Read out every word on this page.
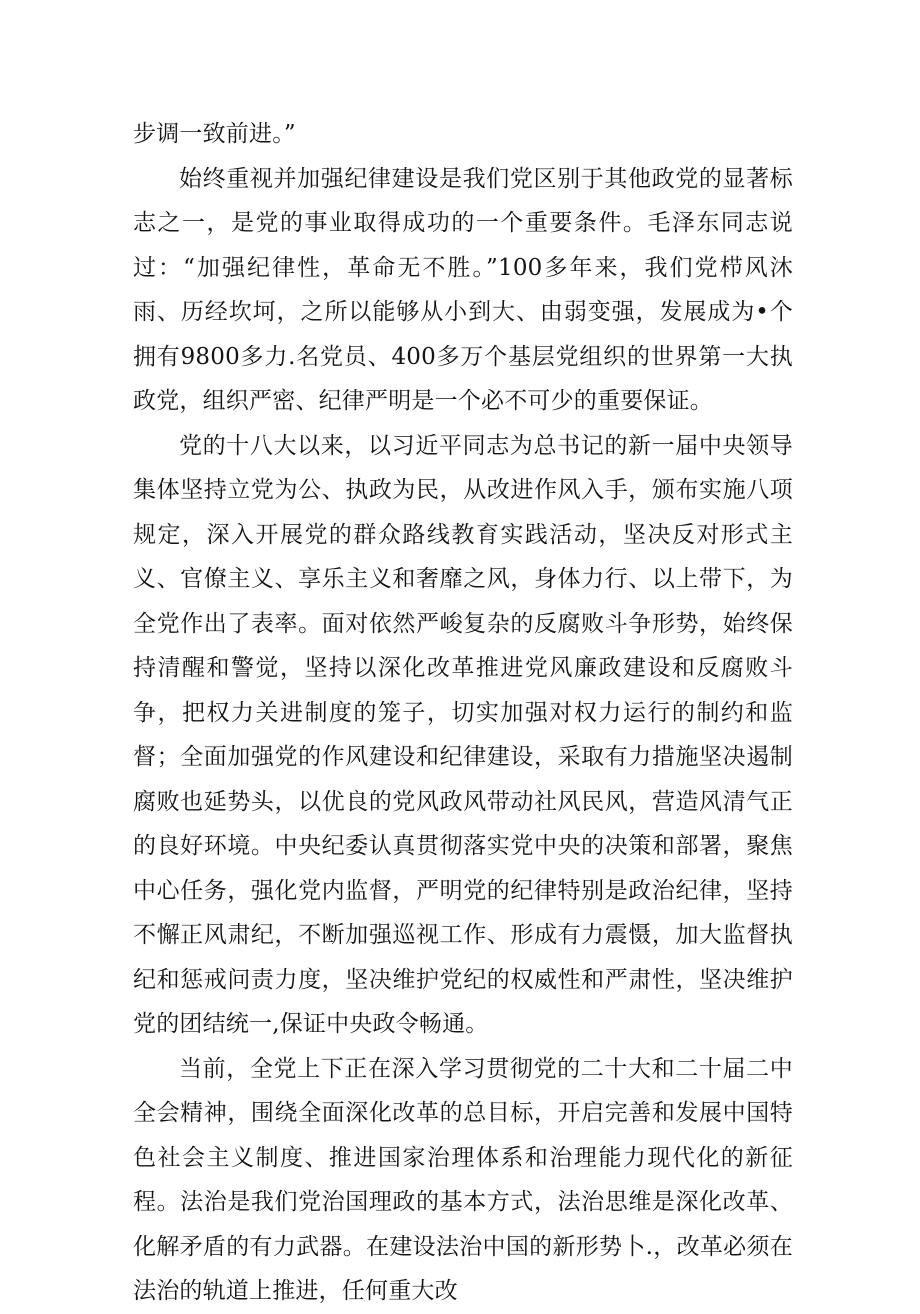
步调一致前进。”

始终重视并加强纪律建设是我们党区别于其他政党的显著标志之一，是党的事业取得成功的一个重要条件。毛泽东同志说过：“加强纪律性，革命无不胜。”100多年来，我们党栉风沐雨、历经坎坷，之所以能够从小到大、由弱变强，发展成为•个拥有9800多力.名党员、400多万个基层党组织的世界第一大执政党，组织严密、纪律严明是一个必不可少的重要保证。

党的十八大以来，以习近平同志为总书记的新一届中央领导集体坚持立党为公、执政为民，从改进作风入手，颁布实施八项规定，深入开展党的群众路线教育实践活动，坚决反对形式主义、官僚主义、享乐主义和奢靡之风，身体力行、以上带下，为全党作出了表率。面对依然严峻复杂的反腐败斗争形势，始终保持清醒和警觉，坚持以深化改革推进党风廉政建设和反腐败斗争，把权力关进制度的笼子，切实加强对权力运行的制约和监督；全面加强党的作风建设和纪律建设，采取有力措施坚决遏制腐败也延势头，以优良的党风政风带动社风民风，营造风清气正的良好环境。中央纪委认真贯彻落实党中央的决策和部署，聚焦中心任务，强化党内监督，严明党的纪律特别是政治纪律，坚持不懈正风肃纪，不断加强巡视工作、形成有力震慑，加大监督执纪和惩戒问责力度，坚决维护党纪的权威性和严肃性，坚决维护党的团结统一,保证中央政令畅通。

当前，全党上下正在深入学习贯彻党的二十大和二十届二中全会精神，围绕全面深化改革的总目标，开启完善和发展中国特色社会主义制度、推进国家治理体系和治理能力现代化的新征程。法治是我们党治国理政的基本方式，法治思维是深化改革、化解矛盾的有力武器。在建设法治中国的新形势卜.，改革必须在法治的轨道上推进，任何重大改
